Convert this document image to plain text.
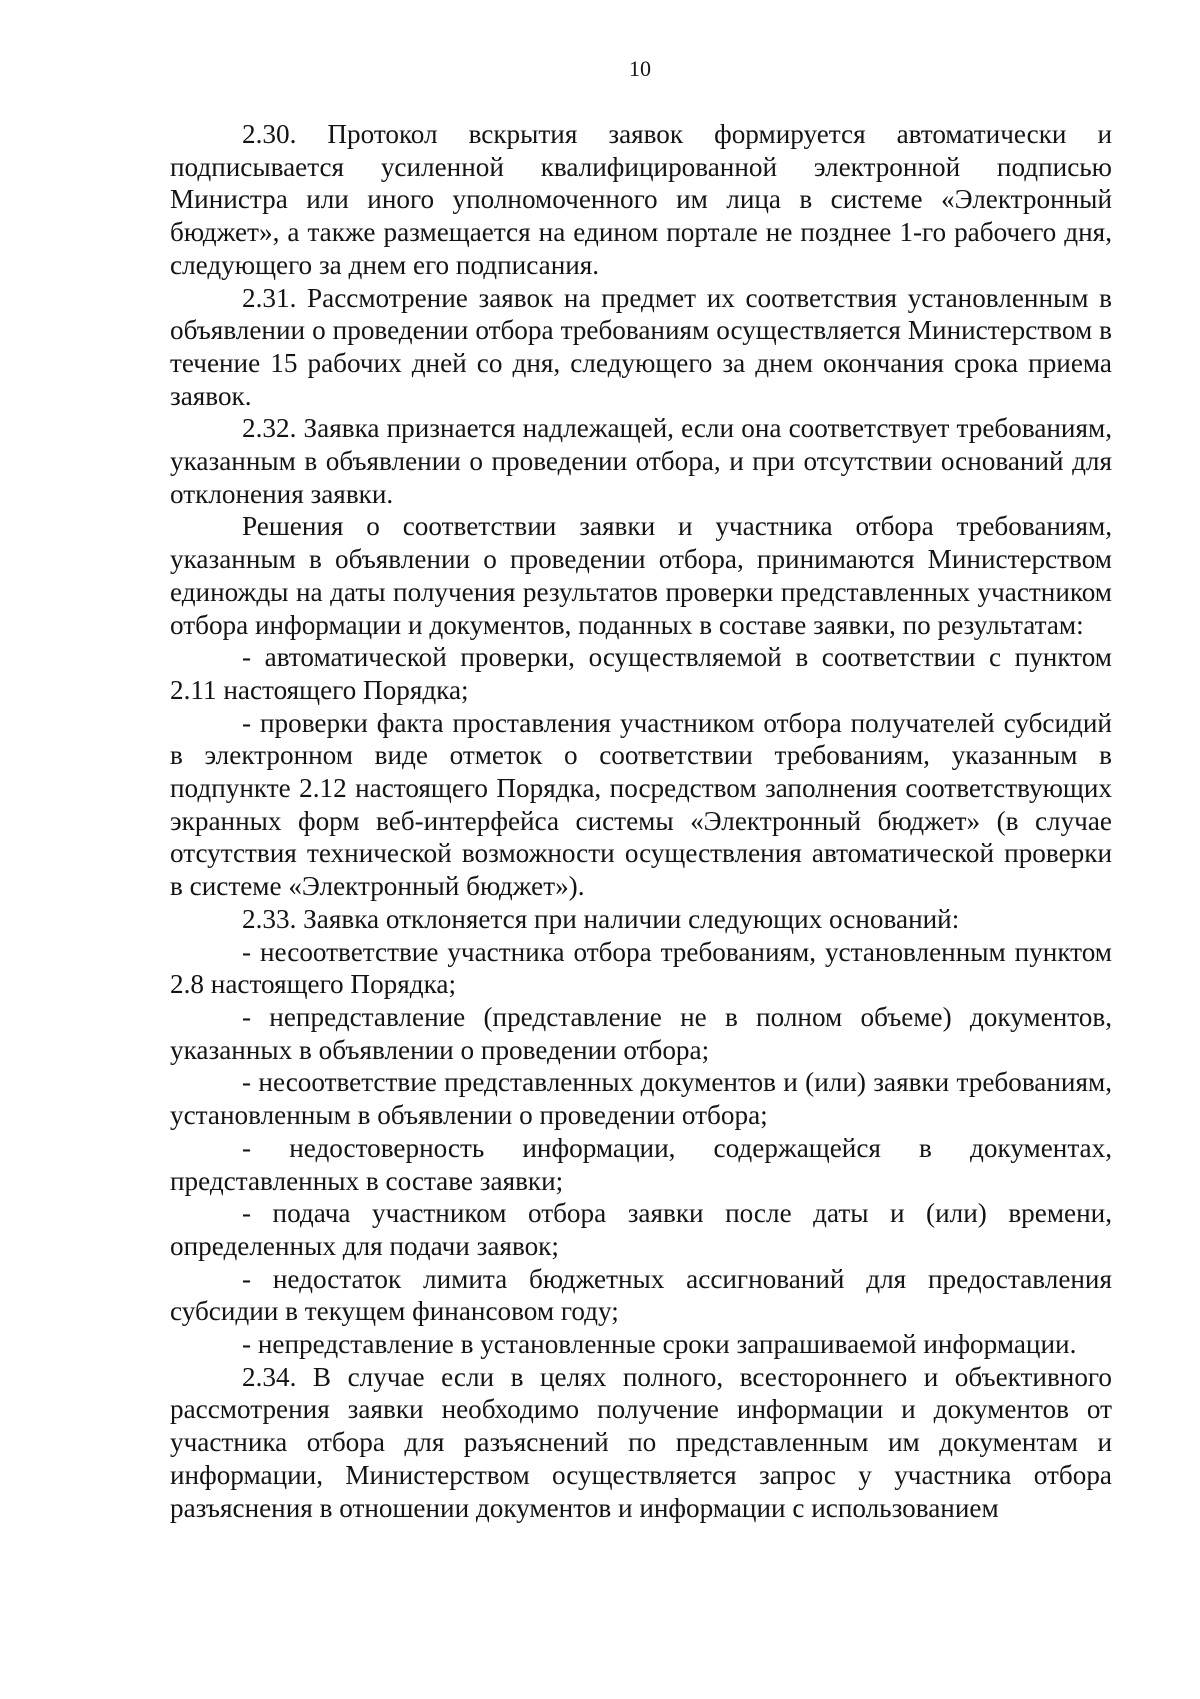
10

2.30. Протокол вскрытия заявок формируется автоматически и подписывается усиленной квалифицированной электронной подписью Министра или иного уполномоченного им лица в системе «Электронный бюджет», а также размещается на едином портале не позднее 1-го рабочего дня, следующего за днем его подписания.

2.31. Рассмотрение заявок на предмет их соответствия установленным в объявлении о проведении отбора требованиям осуществляется Министерством в течение 15 рабочих дней со дня, следующего за днем окончания срока приема заявок.

2.32. Заявка признается надлежащей, если она соответствует требованиям, указанным в объявлении о проведении отбора, и при отсутствии оснований для отклонения заявки.

Решения о соответствии заявки и участника отбора требованиям, указанным в объявлении о проведении отбора, принимаются Министерством единожды на даты получения результатов проверки представленных участником отбора информации и документов, поданных в составе заявки, по результатам:

- автоматической проверки, осуществляемой в соответствии с пунктом 2.11 настоящего Порядка;

- проверки факта проставления участником отбора получателей субсидий в электронном виде отметок о соответствии требованиям, указанным в подпункте 2.12 настоящего Порядка, посредством заполнения соответствующих экранных форм веб-интерфейса системы «Электронный бюджет» (в случае отсутствия технической возможности осуществления автоматической проверки в системе «Электронный бюджет»).

2.33. Заявка отклоняется при наличии следующих оснований:

- несоответствие участника отбора требованиям, установленным пунктом 2.8 настоящего Порядка;

- непредставление (представление не в полном объеме) документов, указанных в объявлении о проведении отбора;

- несоответствие представленных документов и (или) заявки требованиям, установленным в объявлении о проведении отбора;

- недостоверность информации, содержащейся в документах, представленных в составе заявки;

- подача участником отбора заявки после даты и (или) времени, определенных для подачи заявок;

- недостаток лимита бюджетных ассигнований для предоставления субсидии в текущем финансовом году;

- непредставление в установленные сроки запрашиваемой информации.

2.34. В случае если в целях полного, всестороннего и объективного рассмотрения заявки необходимо получение информации и документов от участника отбора для разъяснений по представленным им документам и информации, Министерством осуществляется запрос у участника отбора разъяснения в отношении документов и информации с использованием
